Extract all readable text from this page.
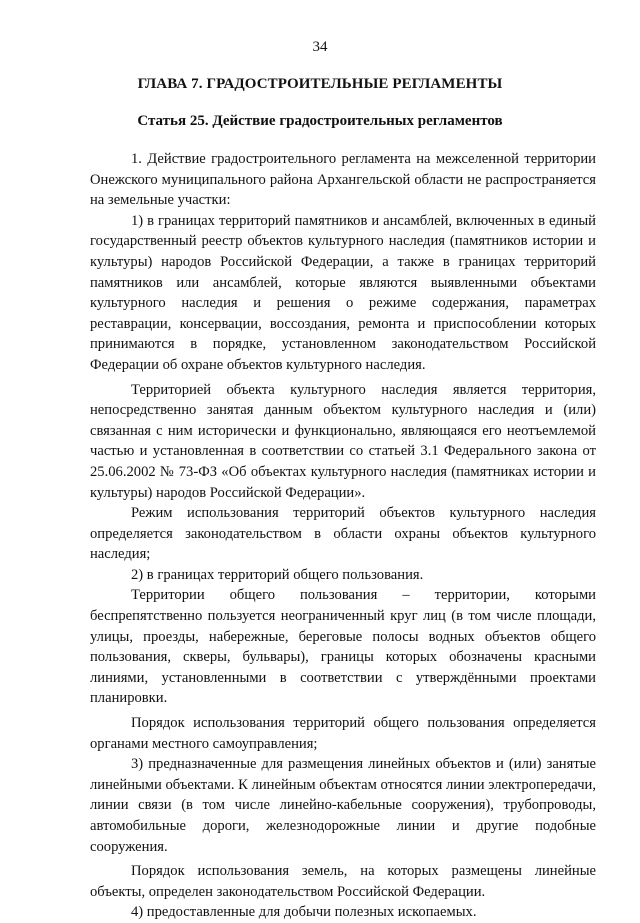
34
ГЛАВА 7. ГРАДОСТРОИТЕЛЬНЫЕ РЕГЛАМЕНТЫ
Статья 25. Действие градостроительных регламентов

1. Действие градостроительного регламента на межселенной территории Онежского муниципального района Архангельской области не распространяется на земельные участки:

1) в границах территорий памятников и ансамблей, включенных в единый государственный реестр объектов культурного наследия (памятников истории и культуры) народов Российской Федерации, а также в границах территорий памятников или ансамблей, которые являются выявленными объектами культурного наследия и решения о режиме содержания, параметрах реставрации, консервации, воссоздания, ремонта и приспособлении которых принимаются в порядке, установленном законодательством Российской Федерации об охране объектов культурного наследия.

Территорией объекта культурного наследия является территория, непосредственно занятая данным объектом культурного наследия и (или) связанная с ним исторически и функционально, являющаяся его неотъемлемой частью и установленная в соответствии со статьей 3.1 Федерального закона от 25.06.2002 № 73-ФЗ «Об объектах культурного наследия (памятниках истории и культуры) народов Российской Федерации».

Режим использования территорий объектов культурного наследия определяется законодательством в области охраны объектов культурного наследия;

2) в границах территорий общего пользования.

Территории общего пользования – территории, которыми беспрепятственно пользуется неограниченный круг лиц (в том числе площади, улицы, проезды, набережные, береговые полосы водных объектов общего пользования, скверы, бульвары), границы которых обозначены красными линиями, установленными в соответствии с утверждёнными проектами планировки.

Порядок использования территорий общего пользования определяется органами местного самоуправления;

3) предназначенные для размещения линейных объектов и (или) занятые линейными объектами. К линейным объектам относятся линии электропередачи, линии связи (в том числе линейно-кабельные сооружения), трубопроводы, автомобильные дороги, железнодорожные линии и другие подобные сооружения.

Порядок использования земель, на которых размещены линейные объекты, определен законодательством Российской Федерации.

4) предоставленные для добычи полезных ископаемых.
